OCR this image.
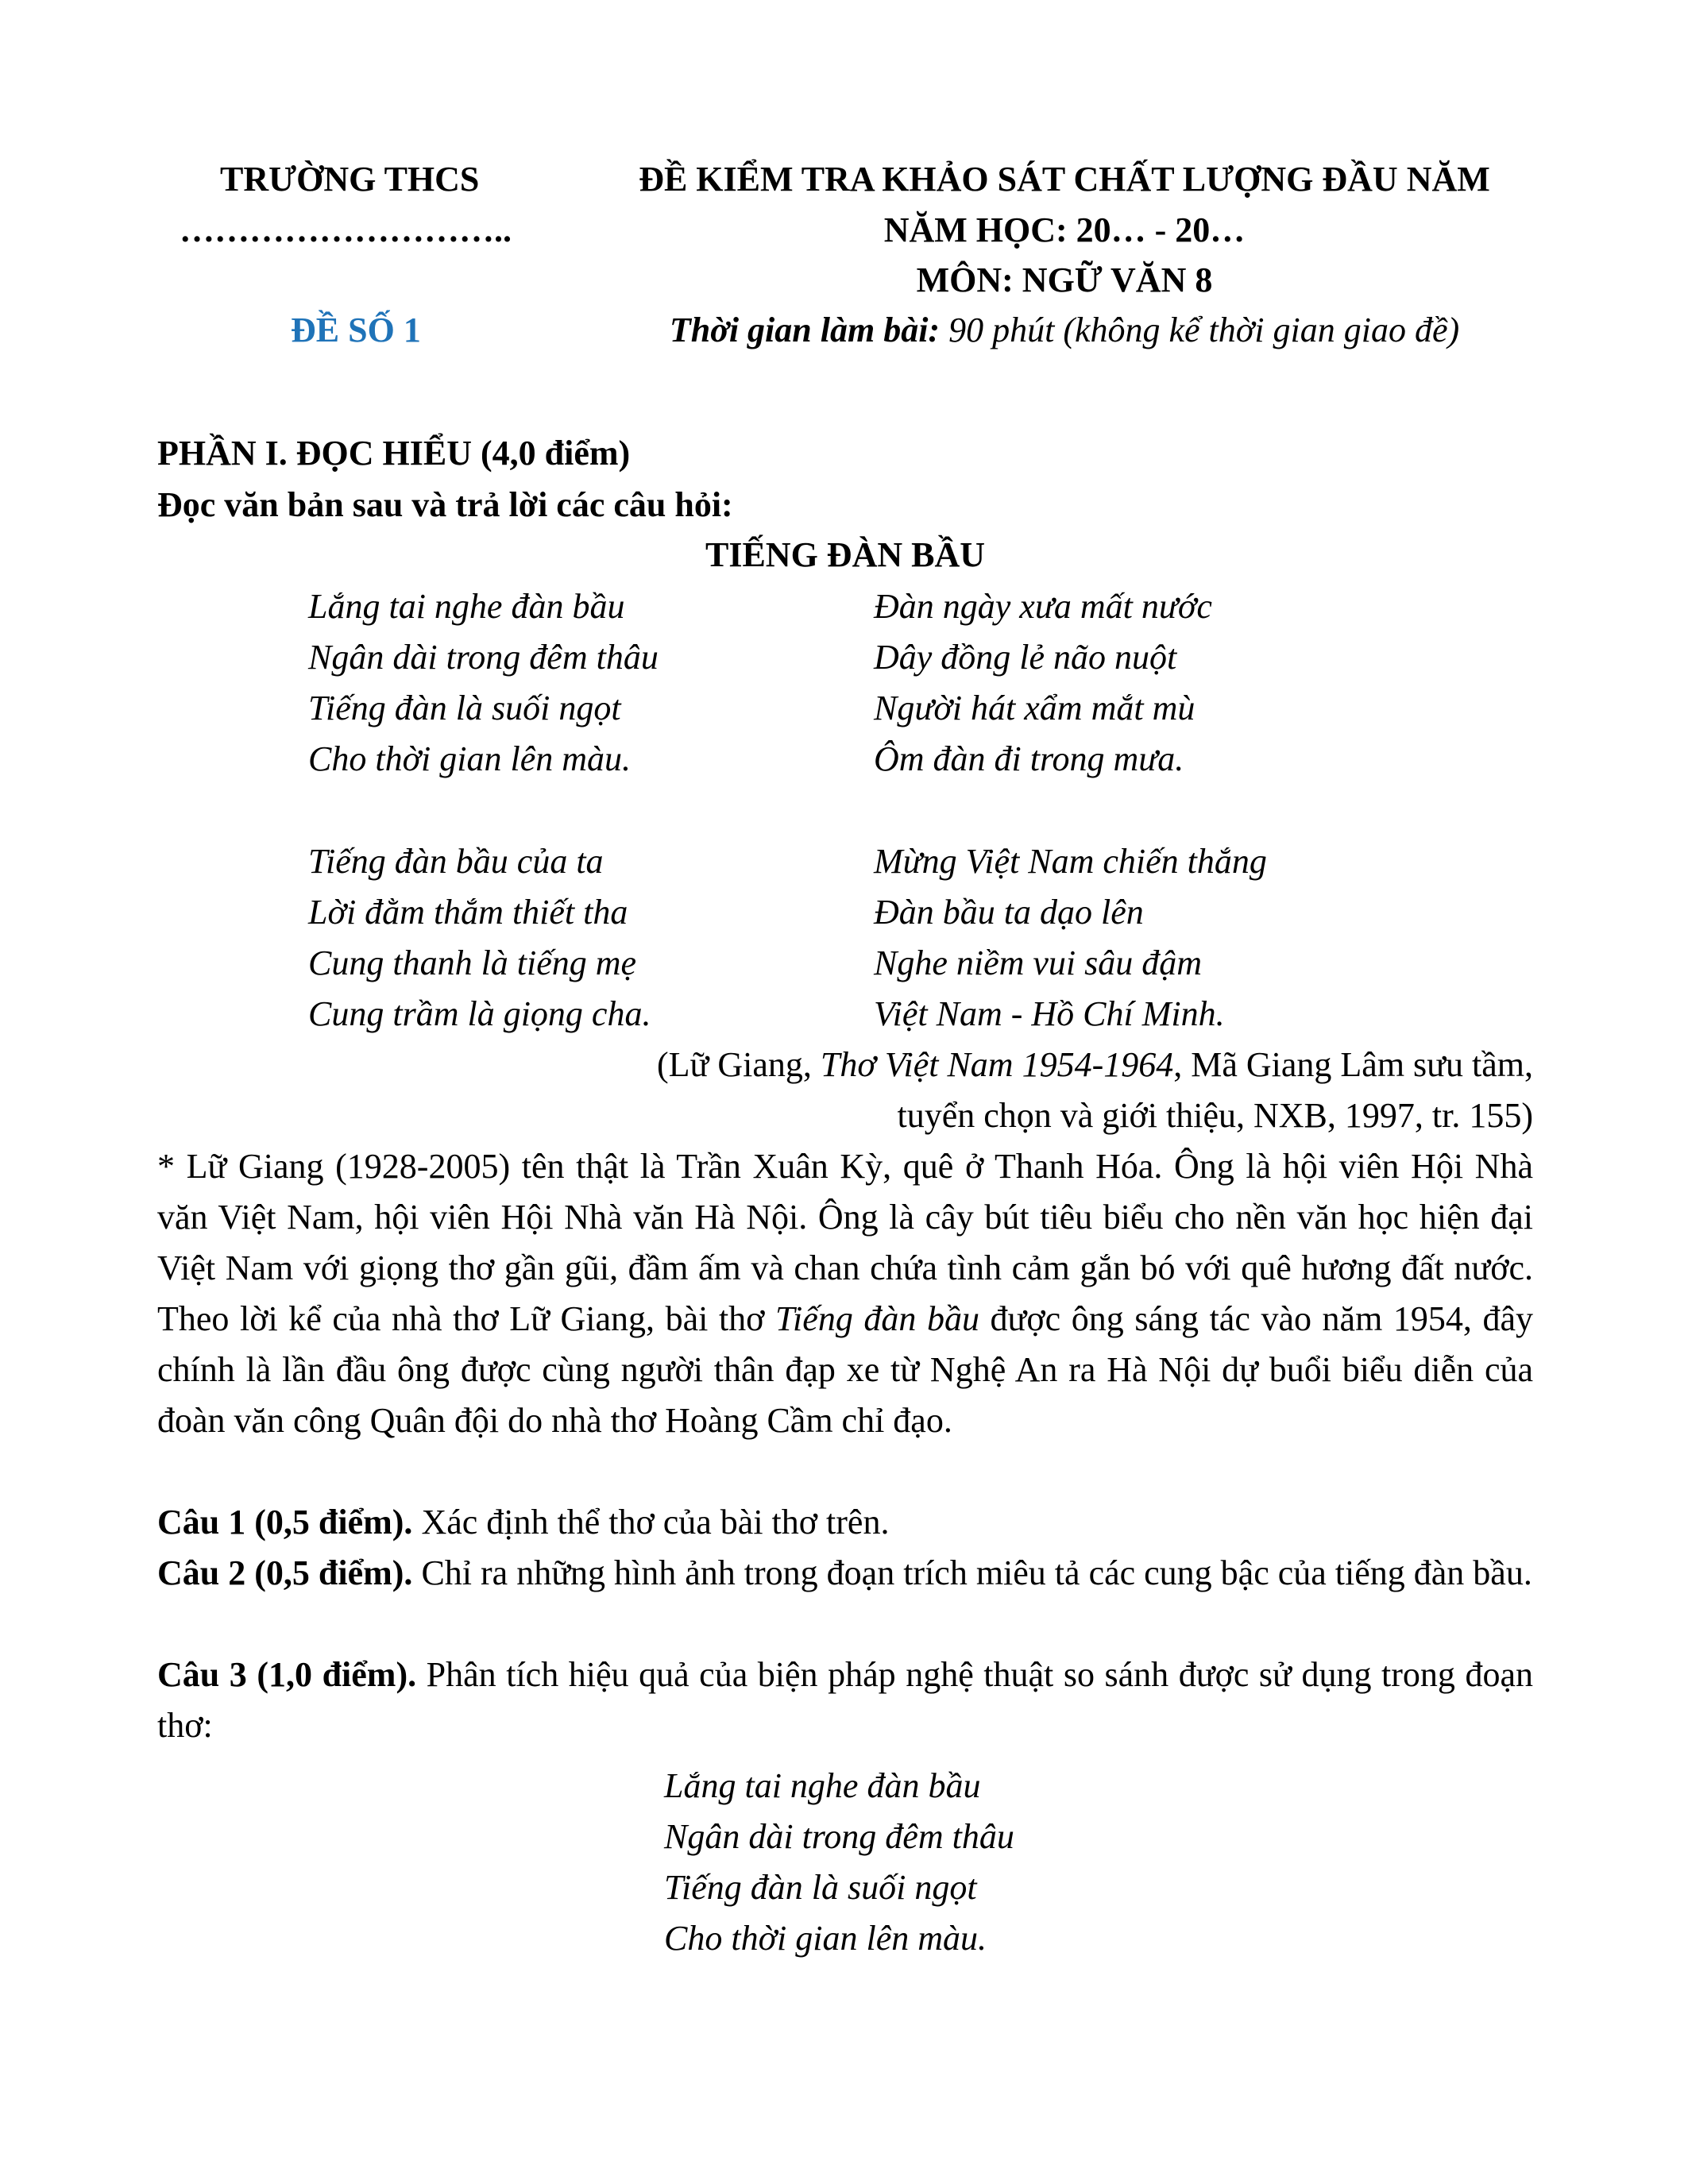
TRƯỜNG THCS
………………………..
ĐỀ SỐ 1
ĐỀ KIỂM TRA KHẢO SÁT CHẤT LƯỢNG ĐẦU NĂM
NĂM HỌC: 20… - 20…
MÔN: NGỮ VĂN 8
Thời gian làm bài: 90 phút (không kể thời gian giao đề)
PHẦN I. ĐỌC HIỂU (4,0 điểm)
Đọc văn bản sau và trả lời các câu hỏi:
TIẾNG ĐÀN BẦU
Lắng tai nghe đàn bầu
Ngân dài trong đêm thâu
Tiếng đàn là suối ngọt
Cho thời gian lên màu.
Đàn ngày xưa mất nước
Dây đồng lẻ não nuột
Người hát xẩm mắt mù
Ôm đàn đi trong mưa.
Tiếng đàn bầu của ta
Lời đằm thắm thiết tha
Cung thanh là tiếng mẹ
Cung trầm là giọng cha.
Mừng Việt Nam chiến thắng
Đàn bầu ta dạo lên
Nghe niềm vui sâu đậm
Việt Nam - Hồ Chí Minh.
(Lữ Giang, Thơ Việt Nam 1954-1964, Mã Giang Lâm sưu tầm,
tuyển chọn và giới thiệu, NXB, 1997, tr. 155)
* Lữ Giang (1928-2005) tên thật là Trần Xuân Kỳ, quê ở Thanh Hóa. Ông là hội viên Hội Nhà văn Việt Nam, hội viên Hội Nhà văn Hà Nội. Ông là cây bút tiêu biểu cho nền văn học hiện đại Việt Nam với giọng thơ gần gũi, đầm ấm và chan chứa tình cảm gắn bó với quê hương đất nước. Theo lời kể của nhà thơ Lữ Giang, bài thơ Tiếng đàn bầu được ông sáng tác vào năm 1954, đây chính là lần đầu ông được cùng người thân đạp xe từ Nghệ An ra Hà Nội dự buổi biểu diễn của đoàn văn công Quân đội do nhà thơ Hoàng Cầm chỉ đạo.
Câu 1 (0,5 điểm). Xác định thể thơ của bài thơ trên.
Câu 2 (0,5 điểm). Chỉ ra những hình ảnh trong đoạn trích miêu tả các cung bậc của tiếng đàn bầu.
Câu 3 (1,0 điểm). Phân tích hiệu quả của biện pháp nghệ thuật so sánh được sử dụng trong đoạn thơ:
Lắng tai nghe đàn bầu
Ngân dài trong đêm thâu
Tiếng đàn là suối ngọt
Cho thời gian lên màu.
